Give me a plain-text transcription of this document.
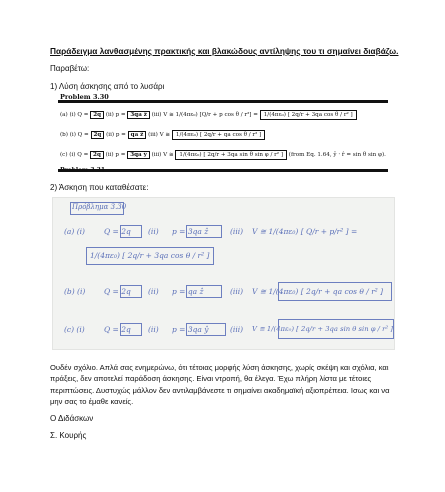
Παράδειγμα λανθασμένης πρακτικής και βλακώδους αντίληψης του τι σημαίνει διαβάζω.
Παραβέτω:
1) Λύση άσκησης από το λυσάρι
Problem 3.30
(a) (i) Q = 2q (ii) p = 3qa ẑ (iii) V ≅ 1/(4πε₀) [Q/r + p cos θ / r²] = 1/(4πε₀) [ 2q/r + 3qa cos θ / r² ]
(b) (i) Q = 2q (ii) p = qa ẑ (iii) V ≅ 1/(4πε₀) [ 2q/r + qa cos θ / r² ]
(c) (i) Q = 2q (ii) p = 3qa ŷ (iii) V ≅ 1/(4πε₀) [ 2q/r + 3qa sin θ sin φ / r² ] (from Eq. 1.64, ŷ · r̂ = sin θ sin φ).
Problem 3.31
2) Άσκηση που καταθέσατε:
Πρόβλημα 3.30
(a) (i)	Q = 2q (ii) p = 3qa ẑ	(iii) V ≅ 1/(4πε₀) [ Q/r + p/r² ] =
1/(4πε₀) [ 2q/r + 3qa cos θ / r² ]
(b) (i) Q = 2q (ii) p = qa ẑ	(iii) V ≅ 1/(4πε₀) [ 2q/r + qa cos θ / r² ]
(c) (i)	Q = 2q (ii) p = 3qa ŷ	(iii) V ≅ 1/(4πε₀) [ 2q/r + 3qa sin θ sin φ / r² ]
Ουδέν σχόλιο. Απλά σας ενημερώνω, ότι τέτοιας μορφής λύση άσκησης, χωρίς σκέψη και σχόλια, και πράξεις, δεν αποτελεί παράδοση άσκησης. Είναι ντροπή, θα έλεγα. Έχω πλήρη λίστα με τέτοιες περιπτώσεις. Δυστυχώς μάλλον δεν αντιλαμβάνεστε τι σημαίνει ακαδημαϊκή αξιοπρέπεια. Ισως και να μην σας το έμαθε κανείς.
Ο Διδάσκων
Σ. Κουρής
